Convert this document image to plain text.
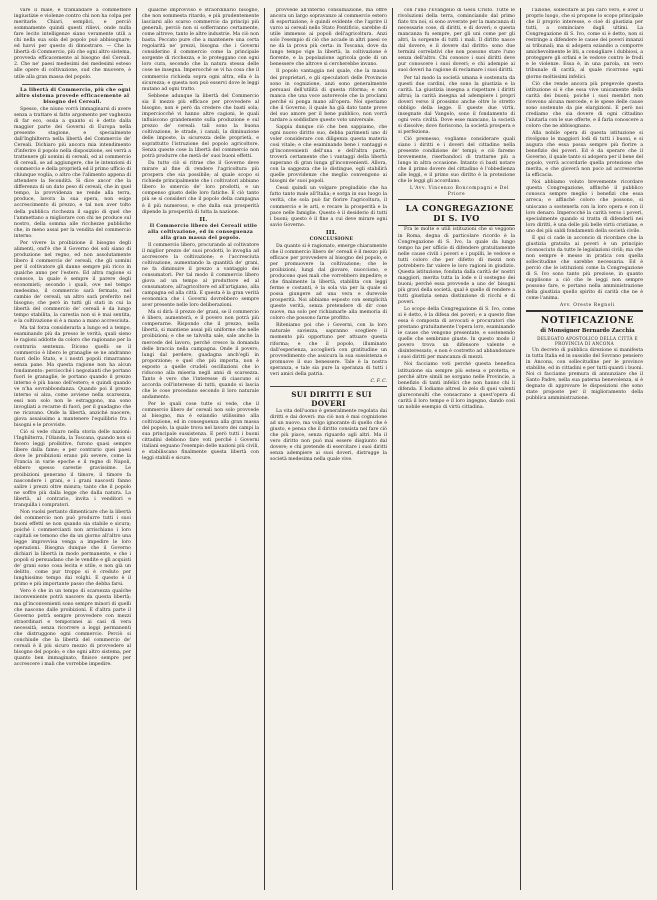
vare il male, e tramandare a commettere ingiustizie e violenze contro chi non ha colpa per meritarle. Chiari, semplici, e perciò sommamente quindi questi rilievi, onde nulla fare lecito intelligenze siano veramente utili a chi nella sua sola del popolo può abbisognare; ed havvi per questo di dimostrare. — Che la libertà di Commercio, più che ogni altro sistema, provveda efficacemente al bisogno del Cereali. 2. Che ne' paesi medesimi dei medesimi esteso alle opere di coltivazione, sud che muovere, è utile alla gran massa del popolo.

La libertà di Commercio, più che ogni altro sistema provede efficacemente al bisogno dei Cereali.

Spesso, che niuno vorrà immaginarsi di avere senza a trattare si fatto argomento per vaghezza di far eco, ossia a quanto si è detto dalla maggior parte dei Governi di Europa nella presente stagione, e specialmente dall'Inghilterra nella libertà del Commercio de' Cereali. Dichiaro più ancora mia intendimento d'inferire il popolo nella disposizione, sei verrà a trattenere gli uomini di cereali, ed al commercio di cereali, se ad aggiungere, che le intenzioni di commercio e della proprietà ed il primo ufficio di chiunque voglia, o altro che l'alimento appena di attendere la fecondità. Si dice ancor che la differenza di un dato peso di cereali, che in quel tempo, la provvidenza ne rende alla terra, produce, lavora la sua opera, non esige accrescimento di prezzo, e tal non aver tolto della pubblica ricchezza il saggio di quel che l'ammettano a migliorare con chi ne produce sul nostro, della somma alle ricchezze pubbliche che, in meno assai per la vendita del commercio interno.

Per vivere la proibizione il bisogno degli alimenti, ond'è che il Governo dei soli siano di produzione nel regno, ed non assolutamente libero il commercio de' cereali, che gli uomini per il coltivatore gli danno sempre più ricco in qualche anno per l'estero. Ed altra ragione si conosce, la quale è sempre il parere degli economisti; secondo i quali, ove nel tempo medesimo, il commercio sarà fermato, nel cambio de' cereali, un altro sarà preferito nel bisogno; che però in tutti gli stati in cui la libertà del commercio de' cereali è da lungo tempo stabilita, la carestia non si è mai sentita, e la coltivazione si è a mano a mano accresciuta.

Ma tal forza considerarla a lungo ed a tempo, esaminando più da presso le verità, quali sieno le ragioni addotte da coloro che ragionano per la contraria sentenza. Dicono quelli: se il commercio è libero le granaglie se ne andranno fuori dello Stato, e i nostri popoli rimarranno senza pane. Ma questa ragione non ha alcun fondamento: perciocché i negozianti che portano fuori le granaglie, le portano quando il prezzo interno è più basso dell'estero; e quindi quando ve n'ha sovrabbondanza. Quando poi il prezzo interno si alza, come avviene nella scarsezza, essi non solo non le estraggono, ma sono invogliati a recarne di fuori, per il guadagno che ne ricavano. Onde la libertà, anziché nuocere, giova assaissimo a mantenere l'equilibrio fra i bisogni e le provviste.

Ciò si vede chiaro nella storia delle nazioni: l'Inghilterra, l'Olanda, la Toscana, quando non si fecero leggi proibitive, furono quasi sempre libere dalla fame; e per contrario quei paesi dove le proibizioni erano più severe, come la Francia in varie epoche e il regno di Napoli, ebbero spesso carestie gravissime. Le proibizioni generano il timore, il timore fa nascondere i grani, e i grani nascosti fanno salire i prezzi oltre misura; tanto che il popolo ne soffre più dalla legge che dalla natura. La libertà, al contrario, invita i venditori e tranquilla i compratori.

Non vuolsi pertanto dimenticare che la libertà del commercio non può produrre tutti i suoi buoni effetti se non quando sia stabile e sicura; poiché i commercianti non arrischiano i loro capitali se temono che da un giorno all'altro una legge improvvisa venga a impedire le loro operazioni. Bisogna dunque che il Governo dichiari la libertà in modo permanente, e che i popoli si persuadano che le vendite e gli acquisti de' grani sono cosa lecita e utile, e non già un delitto, come pur troppo si è creduto per lunghissimo tempo dai volghi. E questo è il primo e più importante passo che debba farsi.

Vero è che in un tempo di scarsezza qualche inconveniente potrà nascere da questa libertà; ma gl'inconvenienti sono sempre minori di quelli che nascono dalle proibizioni. E d'altra parte il Governo potrà sempre provvedere con mezzi straordinari e temporanei ai casi di vera necessità, senza ricorrere a leggi permanenti che distruggono ogni commercio. Perciò si conchiude che la libertà del commercio de' cereali è il più sicuro mezzo di provvedere al bisogno del popolo; e che ogni altro sistema, per quanto ben immaginato, finisce sempre per accrescere i mali che vorrebbe impedire.

qualche improvviso e straordinario bisogno, che non sommesta ritardo, e più prudentemente lasciarsi allo scarso commercio da principi più generali, perciò non si sofferranno certamente, come altrove, tanto le altre industrie. Ma ciò non basta. Peccato pure che a mantenere una certa regolarità ne' prezzi, bisogna che i Governi considerino il commercio come la principale sorgente di ricchezza, e lo proteggano con ogni loro cura, secondo che la natura stessa delle cose ne insegna. Imperocché se vi ha cosa che il commercio richieda sopra ogni altra, ella è la sicurezza; e questa non può esservi dove le leggi mutano ad ogni tratto.

Sebbene adunque la libertà del Commercio sia il mezzo più efficace per provvedere al bisogno, non è però da credere che basti sola; imperciocché vi hanno altre cagioni, le quali influiscono grandemente sulla produzione e sul prezzo de' cereali: tali sono la buona coltivazione, le strade, i canali, la diminuzione delle imposte, la sicurezza delle proprietà, e soprattutto l'istruzione del popolo agricoltore. Senza queste cose la libertà del commercio non potrà produrre che metà de' suoi buoni effetti.

Da tutto ciò si ritrae che il Governo deve mirare al fine di rendere l'agricoltura più prospera che sia possibile; al quale scopo si richiede principalmente che i coltivatori abbiano libero lo smercio de' loro prodotti, e un compenso giusto delle loro fatiche. E ciò tanto più se si consideri che il popolo della campagna è il più numeroso, e che dalla sua prosperità dipende la prosperità di tutta la nazione.

II.

Il Commercio libero dei Cereali utile alla coltivazione, ed in conseguenza alla gran massa del popolo.

Il commercio libero, procurando al coltivatore il miglior prezzo de' suoi prodotti, lo invoglia ad accrescere la coltivazione; e l'accresciuta coltivazione, aumentando la quantità de' grani, ne fa diminuire il prezzo a vantaggio dei consumatori. Per tal modo il commercio libero giova ad un tempo al produttore ed al consumatore, all'agricoltore ed all'artigiano, alla campagna ed alla città. E questa è la gran verità economica che i Governi dovrebbero sempre aver presente nelle loro deliberazioni.

Ma si dirà: il prezzo de' grani, se il commercio è libero, aumenterà, e il povero non potrà più comperarne. Rispondo che il prezzo, nella libertà, si mantiene assai più uniforme che nelle proibizioni; e che se talvolta sale, sale anche la mercede del lavoro, perché cresce la domanda delle braccia nella campagna. Onde il povero, lungi dal perdere, guadagna anch'egli in proporzione; e quel che più importa, non è esposto a quelle crudeli oscillazioni che lo riducono alla miseria negli anni di scarsezza. Tanto è vero che l'interesse di ciascuno si accorda coll'interesse di tutti, quando si lascia che le cose procedano secondo il loro naturale andamento.

Per le quali cose tutte si vede, che il commercio libero de' cereali non solo provvede al bisogno, ma è eziandio utilissimo alla coltivazione, ed in conseguenza alla gran massa del popolo, la quale trova nel lavoro dei campi la sua principale sussistenza. E però tutti i buoni cittadini debbono fare voti perché i Governi italiani seguano l'esempio delle nazioni più civili, e stabiliscano finalmente questa libertà con leggi stabili e sicure.

provvede all'interno consumazione, ma offre ancora un largo sopravanzo al commercio estero di esportazione, è quindi evidente che l'aprire il varco ai cereali nello Stato Pontificio, sarebbe di utile immenso ai popoli dell'agricoltura. Anzi solo l'esempio di ciò che accade in altri paesi ce ne dà la prova più certa: in Toscana, dove da lungo tempo vige la libertà, la coltivazione è fiorente, e la popolazione agricola gode di un benessere che altrove si cercherebbe invano.

Il popolo vantaggia nel quale, che la massa dei proprietari, e gli speculatori delle Provincie sono in cognizione, anzi sono generalmente persuasi dell'utilità di questa riforma; e non manca che una voce autorevole che la proclami perché si ponga mano all'opera. Noi speriamo che il Governo, il quale ha già dato tante prove del suo amore per il bene pubblico, non vorrà tardare a soddisfare questo voto universale.

Sappia dunque ciò che ben sappiamo, che ogni nuovo diritto suo, debba parimenti uno di voler considerare con diligenza questa materia così vitale; e che esaminando bene i vantaggi e gl'inconvenienti dell'una e dell'altra parte, troverà certamente che i vantaggi della libertà superano di gran lunga gl'inconvenienti. Allora, con la saggezza che lo distingue, egli stabilirà quelle provvidenze che meglio convengono ai bisogni de' suoi popoli.

Cessi quindi un volgare pregiudizio che ha fatto tanto male all'Italia; e sorga in suo luogo la verità, che sola può far fiorire l'agricoltura, il commercio e le arti, e recare la prosperità e la pace nelle famiglie. Questo è il desiderio di tutti i buoni; questo è il fine a cui deve mirare ogni savio Governo.

III.

CONCLUSIONE

Da quanto si è ragionato, emerge chiaramente che il commercio libero de' cereali è il mezzo più efficace per provvedere al bisogno del popolo, e per promuovere la coltivazione; che le proibizioni, lungi dal giovare, nuocciono, e producono quei mali che vorrebbero impedire; e che finalmente la libertà, stabilita con leggi ferme e costanti, è la sola via per la quale si possa giungere ad una vera e durevole prosperità. Noi abbiamo esposto con semplicità queste verità, senza pretendere di dir cose nuove, ma solo per richiamarle alla memoria di coloro che possono farne profitto.

Riteniamo poi che i Governi, con la loro naturale saviezza, sapranno scegliere il momento più opportuno per attuare questa riforma; e che il popolo, illuminato dall'esperienza, accoglierà con gratitudine un provvedimento che assicura la sua sussistenza e promuove il suo benessere. Tale è la nostra speranza, e tale sia pure la speranza di tutti i veri amici della patria.

C. F. C.

SUI DIRITTI E SUI DOVERI

La vita dell'uomo è generalmente regolata dai diritti e dai doveri: ma ciò non è mai cognizione ad un nuovo, ma volgo ignorante di quello che è giusto, e pensa che il diritto consista nel fare ciò che più piace, senza riguardo agli altri. Ma il vero diritto non può mai essere disgiunto dal dovere; e chi pretende di esercitare i suoi diritti senza adempiere ai suoi doveri, distrugge la società medesima nella quale vive.

con l'uno l'Evangelio di Gesù Cristo. Tutte le rivoluzioni della terra, cominciando dal primo fiato tra noi, si sono avverate per la mancanza di necessarie cose, di diritti, e di doveri; e questa mancanza fu sempre, per gli uni come per gli altri, la sorgente di tutti i mali. Il diritto nasce dal dovere, e il dovere dal diritto: sono due termini correlativi che non possono stare l'uno senza dell'altro. Chi conosce i suoi diritti deve pur conoscere i suoi doveri; e chi adempie ai suoi doveri ha ragione di reclamare i suoi diritti.

Per tal modo la società umana è sostenuta da questi due cardini, che sono la giustizia e la carità. La giustizia insegna a rispettare i diritti altrui; la carità insegna ad adempiere i propri doveri verso il prossimo anche oltre lo stretto obbligo della legge. E queste due virtù, insegnate dal Vangelo, sono il fondamento di ogni vera civiltà. Dove esse mancano, la società si dissolve; dove fioriscono, la società prospera e si perfeziona.

Ciò premesso, vogliamo considerare quali siano i diritti e i doveri del cittadino nella presente condizione de' tempi; e ciò faremo brevemente, riserbandoci di trattarne più a lungo in altra occasione. Intanto ci basti notare che il primo dovere del cittadino è l'obbedienza alle leggi, e il primo suo diritto è la protezione che le leggi gli accordano.

L'Avv. Vincenzo Boncompagni e Del Priore

LA CONGREGAZIONE DI S. IVO

Fra le molte e utili istituzioni che si veggono in Roma, degna di particolare ricordo è la Congregazione di S. Ivo, la quale da lungo tempo ha per ufficio di difendere gratuitamente nelle cause civili i poveri e i pupilli, le vedove e tutti coloro che per difetto di mezzi non potrebbero far valere le loro ragioni in giudizio. Questa istituzione, fondata dalla carità de' nostri maggiori, merita tutta la lode e il sostegno dei buoni; perché essa provvede a uno de' bisogni più gravi della società, qual è quello di rendere a tutti giustizia senza distinzione di ricchi e di poveri.

Lo scopo della Congregazione di S. Ivo, come si è detto, è la difesa dei poveri; e a questo fine essa è composta di avvocati e procuratori che prestano gratuitamente l'opera loro, esaminando le cause che vengono presentate, e sostenendo quelle che sembrano giuste. In questo modo il povero trova un difensore valente e disinteressato, e non è costretto ad abbandonare i suoi diritti per mancanza di mezzi.

Noi facciamo voti perché questa benefica istituzione sia sempre più estesa e protetta, e perché altre simili ne sorgano nelle Provincie, a benefizio di tanti infelici che non hanno chi li difenda. E lodiamo altresì lo zelo di quei valenti giureconsulti che consacrano a quest'opera di carità il loro tempo e il loro ingegno, dando così un nobile esempio di virtù cittadina.

l'azione, sollecitare al più caro vero, e aver il proprio luogo, che si propone lo scopo principale che il proprio interesse, e cioè di giustizia per tutti, a cominciare dagli ultimi. La Congregazione di S. Ivo, come si è detto, non si restringe a difendere le cause dei poveri innanzi ai tribunali; ma si adopera eziandio a comporre amichevolmente le liti, a consigliare i dubbiosi, a proteggere gli orfani e le vedove contro le frodi e le violenze. Essa è, in una parola, un vero tribunale di carità, al quale ricorrono ogni giorno moltissimi infelici.

Ciò che rende ancora più pregevole questa istituzione si è che essa vive unicamente della carità dei buoni; poiché i suoi membri non ricevono alcuna mercede, e le spese delle cause sono sostenute da pie elargizioni. E però noi crediamo che sia dovere di ogni cittadino l'aiutarla con le sue offerte, e il farla conoscere a coloro che ne abbisognano.

Alla nobile opera di questa istituzione si rivolgono le maggiori lodi di tutti i buoni, e si augura che essa possa sempre più fiorire a benefizio dei poveri. Ed è da sperare che il Governo, il quale tanto si adopera per il bene del popolo, vorrà accordarle quella protezione che merita, e che gioverà non poco ad accrescerne la efficacia.

Noi abbiamo voluto brevemente ricordare questa Congregazione, affinché il pubblico conosca sempre meglio i benefizi che essa arreca; e affinché coloro che possono, si uniscano a sostenerla con la loro opera e con il loro denaro. Imperocché la carità verso i poveri, specialmente quando si tratta di difenderli nei loro diritti, è una delle più belle virtù cristiane, e uno dei più saldi fondamenti della società civile.

E qui ci cade in acconcio di ricordare che la giustizia gratuita ai poveri è un principio riconosciuto da tutte le legislazioni civili; ma che non sempre è messo in pratica con quella sollecitudine che sarebbe necessaria. Ed è perciò che le istituzioni come la Congregazione di S. Ivo sono tanto più preziose, in quanto supplisono a ciò che le leggi non sempre possono fare, e portano nella amministrazione della giustizia quello spirito di carità che ne è come l'anima.

Avv. Oreste Regnoli

NOTIFICAZIONE

di Monsignor Bernardo Zacchia

DELEGATO APOSTOLICO DELLA CITTÀ E PROVINCIA DI ANCONA

Un decreto di pubblica direzione si manifesta in tutta Italia ed in sussidio del Sovrano pensiero in Ancona, con sollecitudine per le province stabilite, ed in cittadini e per tutti quanti i buoni. Noi ci facciamo premura di annunziare che il Santo Padre, nella sua paterna benevolenza, si è degnato di approvare le disposizioni che sono state proposte per il miglioramento della pubblica amministrazione.
